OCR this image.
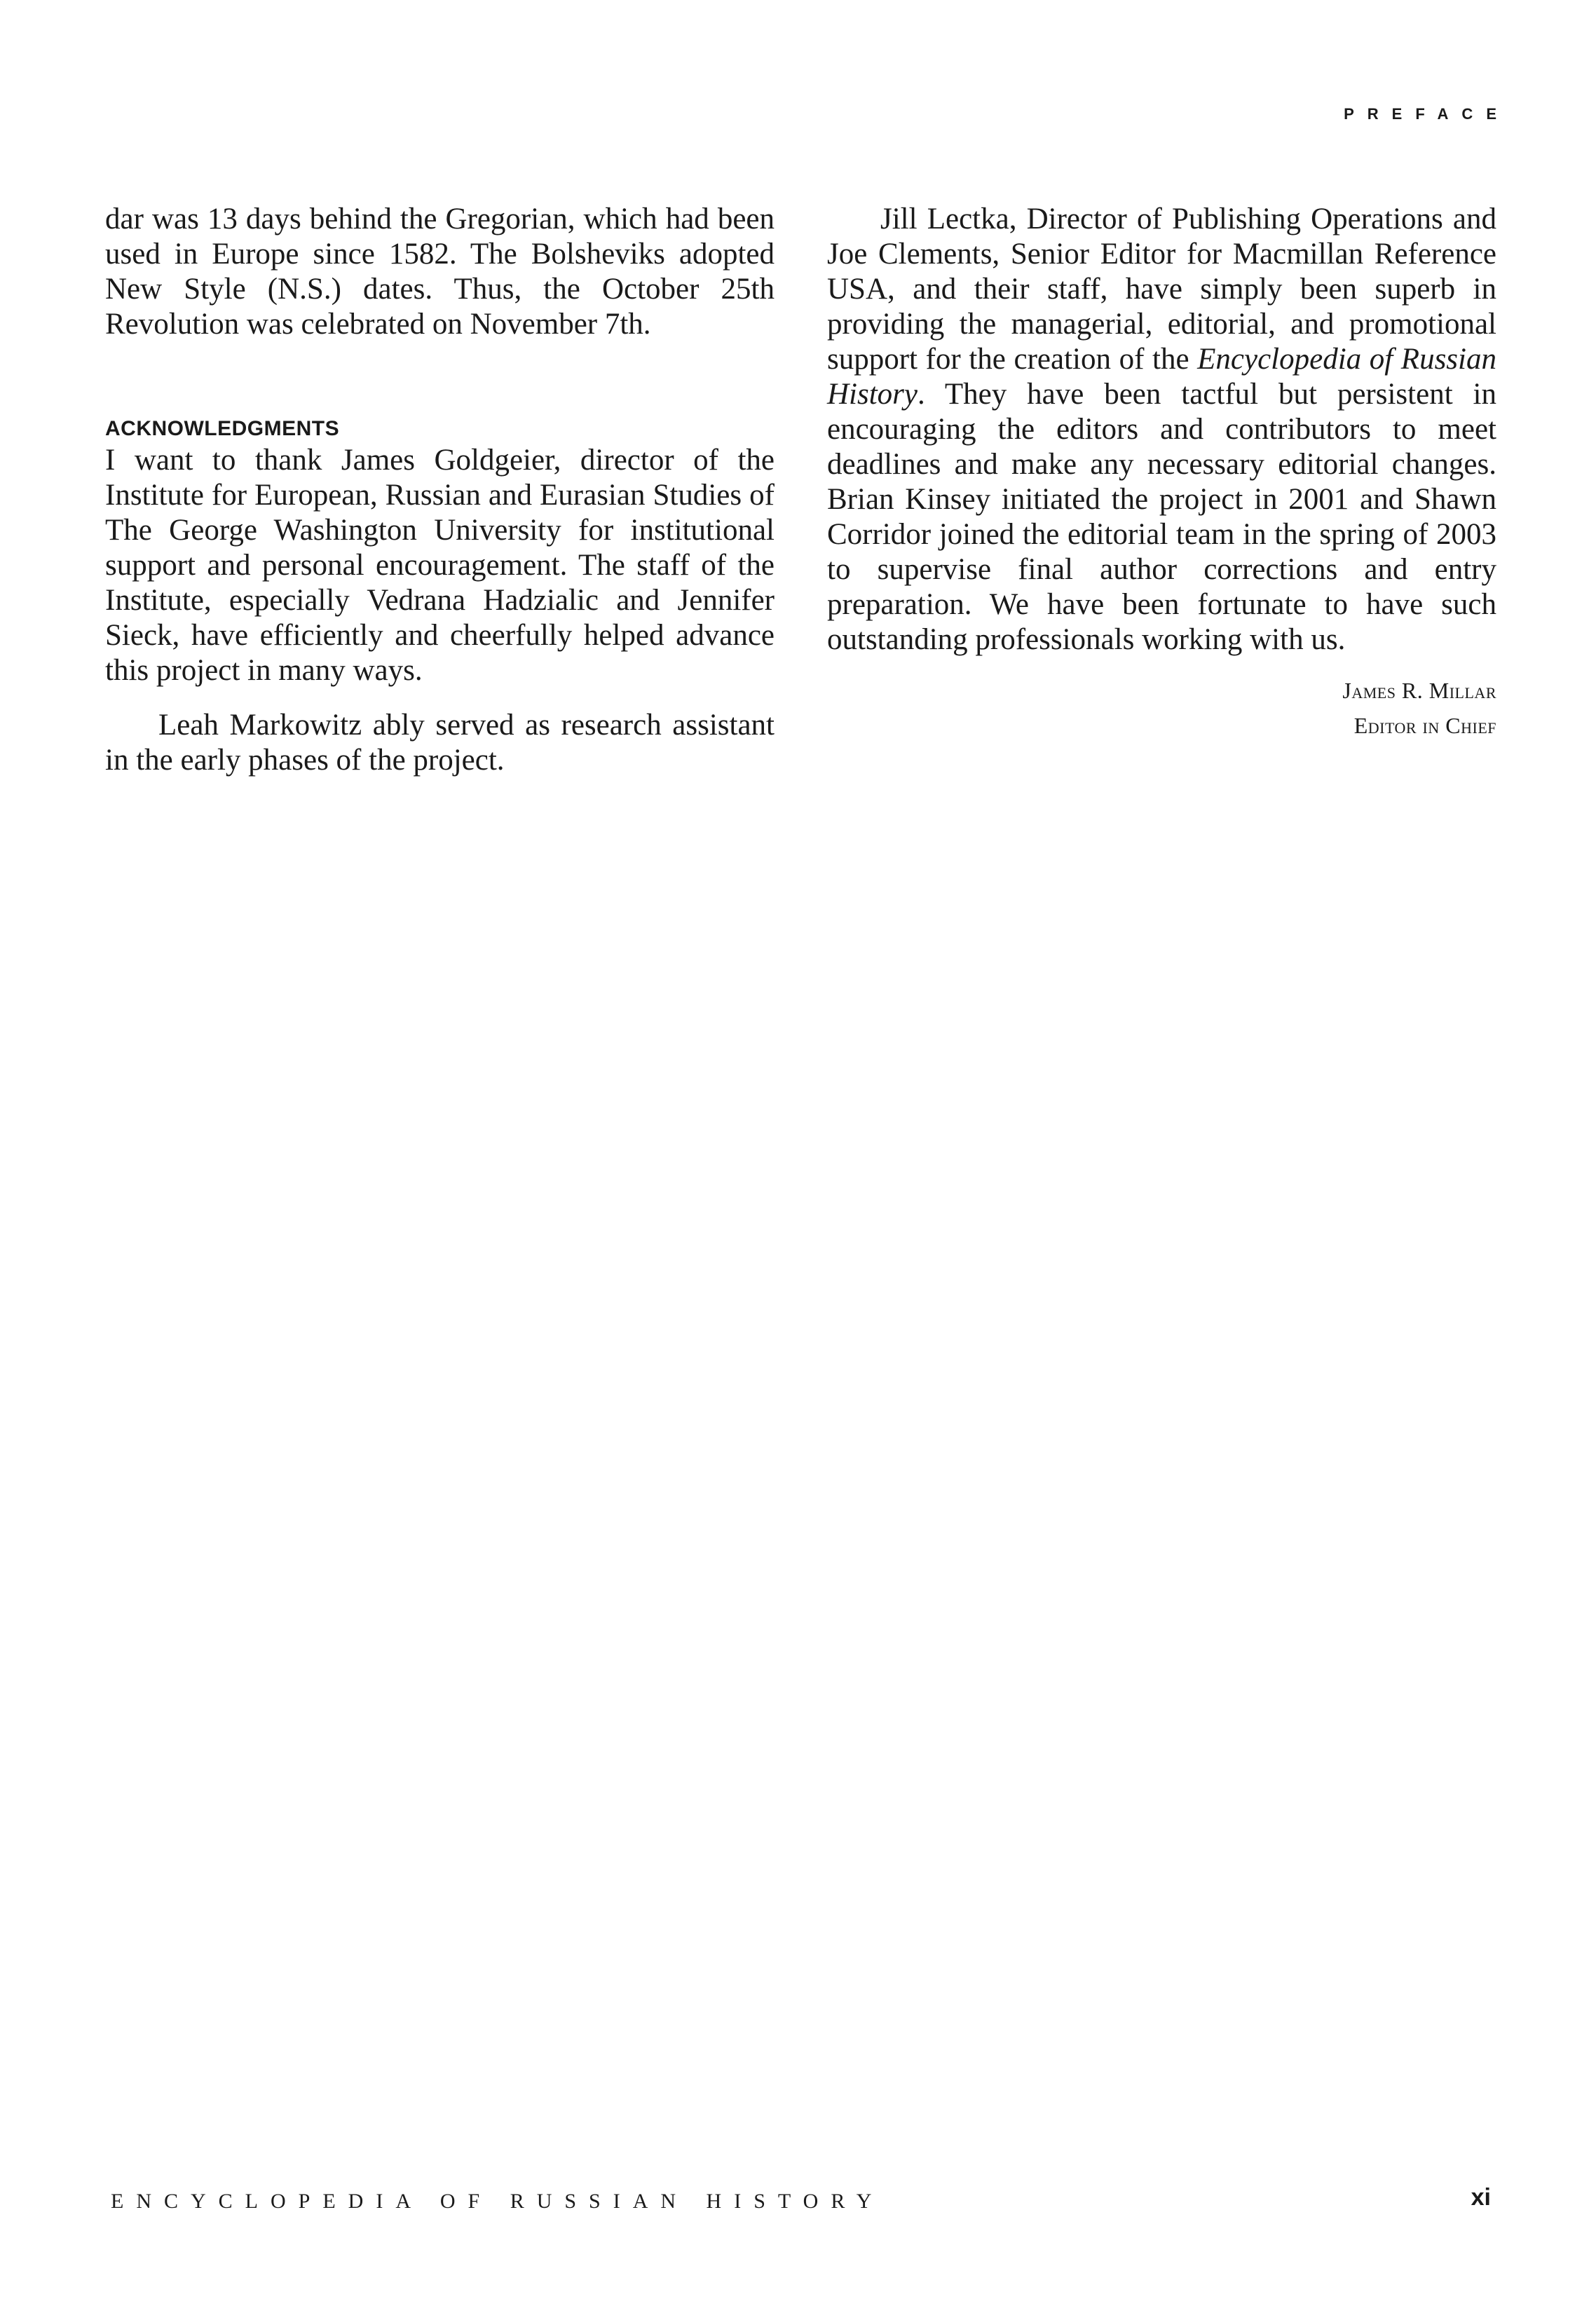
PREFACE

dar was 13 days behind the Gregorian, which had been used in Europe since 1582. The Bolsheviks adopted New Style (N.S.) dates. Thus, the October 25th Revolution was celebrated on November 7th.

ACKNOWLEDGMENTS

I want to thank James Goldgeier, director of the Institute for European, Russian and Eurasian Studies of The George Washington University for institutional support and personal encouragement. The staff of the Institute, especially Vedrana Hadzialic and Jennifer Sieck, have efficiently and cheerfully helped advance this project in many ways.

Leah Markowitz ably served as research assistant in the early phases of the project.

Jill Lectka, Director of Publishing Operations and Joe Clements, Senior Editor for Macmillan Reference USA, and their staff, have simply been superb in providing the managerial, editorial, and promotional support for the creation of the Encyclopedia of Russian History. They have been tactful but persistent in encouraging the editors and contributors to meet deadlines and make any necessary editorial changes. Brian Kinsey initiated the project in 2001 and Shawn Corridor joined the editorial team in the spring of 2003 to supervise final author corrections and entry preparation. We have been fortunate to have such outstanding professionals working with us.

James R. Millar
Editor in Chief
ENCYCLOPEDIA OF RUSSIAN HISTORY	xi
